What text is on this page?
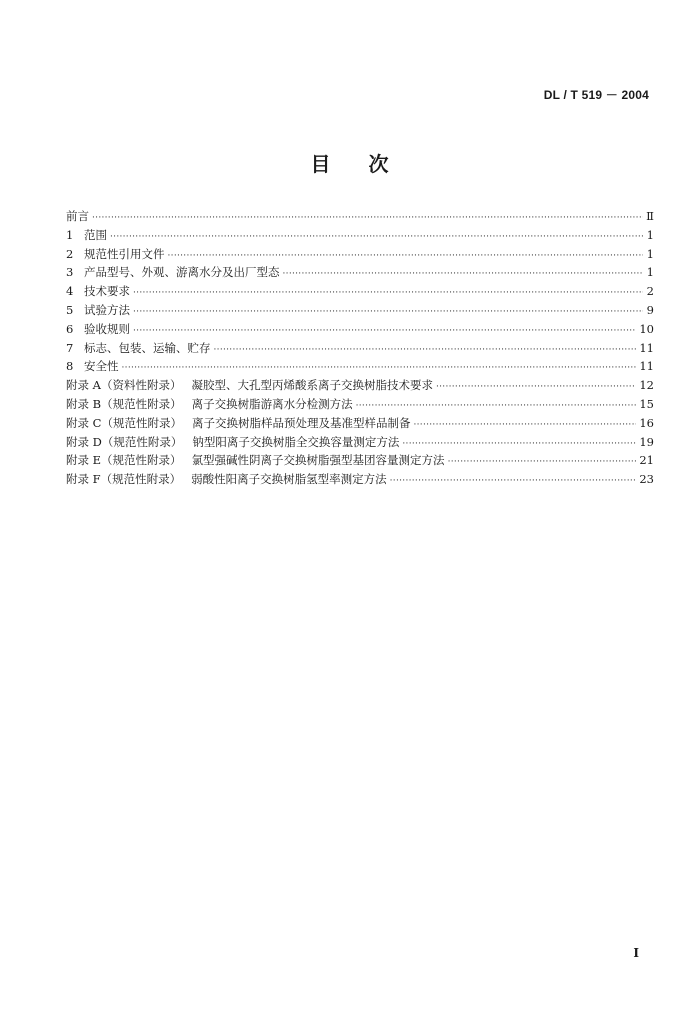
DL / T 519 － 2004
目 次
前言 ·····	Ⅱ
1 范围 ·····	1
2 规范性引用文件 ·····	1
3 产品型号、外观、游离水分及出厂型态 ·····	1
4 技术要求 ·····	2
5 试验方法 ·····	9
6 验收规则 ·····	10
7 标志、包装、运输、贮存 ·····	11
8 安全性 ·····	11
附录 A（资料性附录） 凝胶型、大孔型丙烯酸系离子交换树脂技术要求 ·····	12
附录 B（规范性附录） 离子交换树脂游离水分检测方法 ·····	15
附录 C（规范性附录） 离子交换树脂样品预处理及基准型样品制备 ·····	16
附录 D（规范性附录） 钠型阳离子交换树脂全交换容量测定方法 ·····	19
附录 E（规范性附录） 氯型强碱性阴离子交换树脂强型基团容量测定方法 ·····	21
附录 F（规范性附录） 弱酸性阳离子交换树脂氢型率测定方法 ·····	23
Ⅰ
